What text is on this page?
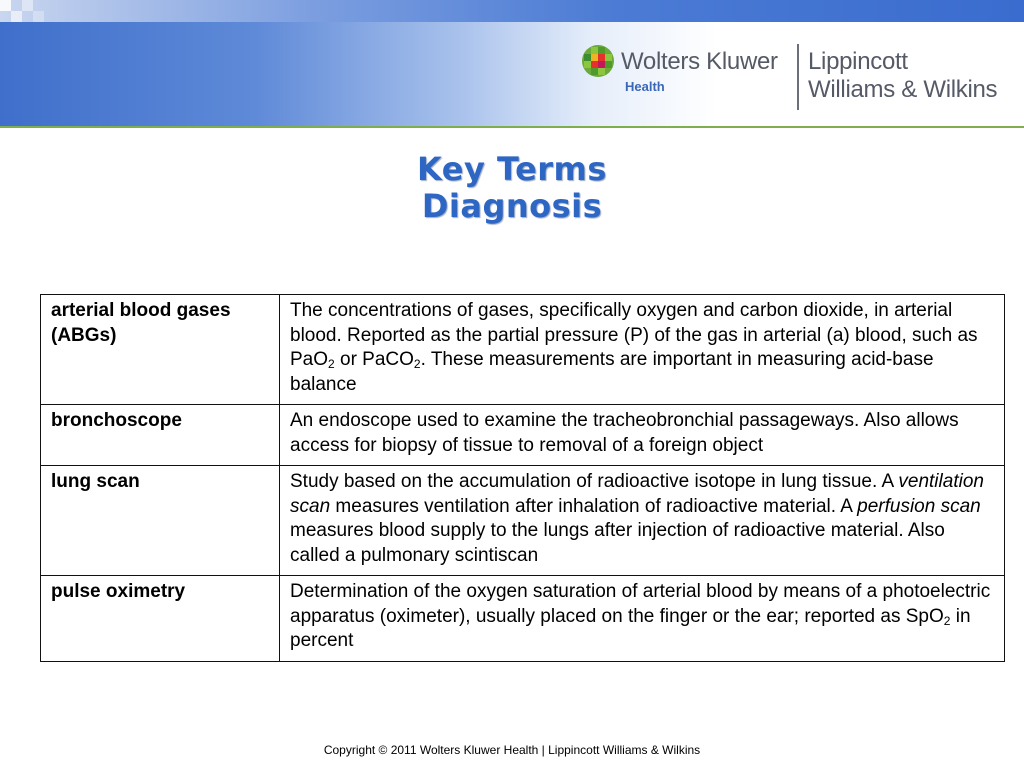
Wolters Kluwer
Health
Lippincott
Williams & Wilkins
Key Terms
Diagnosis
arterial blood gases (ABGs)	The concentrations of gases, specifically oxygen and carbon dioxide, in arterial blood. Reported as the partial pressure (P) of the gas in arterial (a) blood, such as PaO$_2$ or PaCO$_2$. These measurements are important in measuring acid-base balance
bronchoscope	An endoscope used to examine the tracheobronchial passageways. Also allows access for biopsy of tissue to removal of a foreign object
lung scan	Study based on the accumulation of radioactive isotope in lung tissue. A ventilation scan measures ventilation after inhalation of radioactive material. A perfusion scan measures blood supply to the lungs after injection of radioactive material. Also called a pulmonary scintiscan
pulse oximetry	Determination of the oxygen saturation of arterial blood by means of a photoelectric apparatus (oximeter), usually placed on the finger or the ear; reported as SpO$_2$ in percent
Copyright © 2011 Wolters Kluwer Health | Lippincott Williams & Wilkins
